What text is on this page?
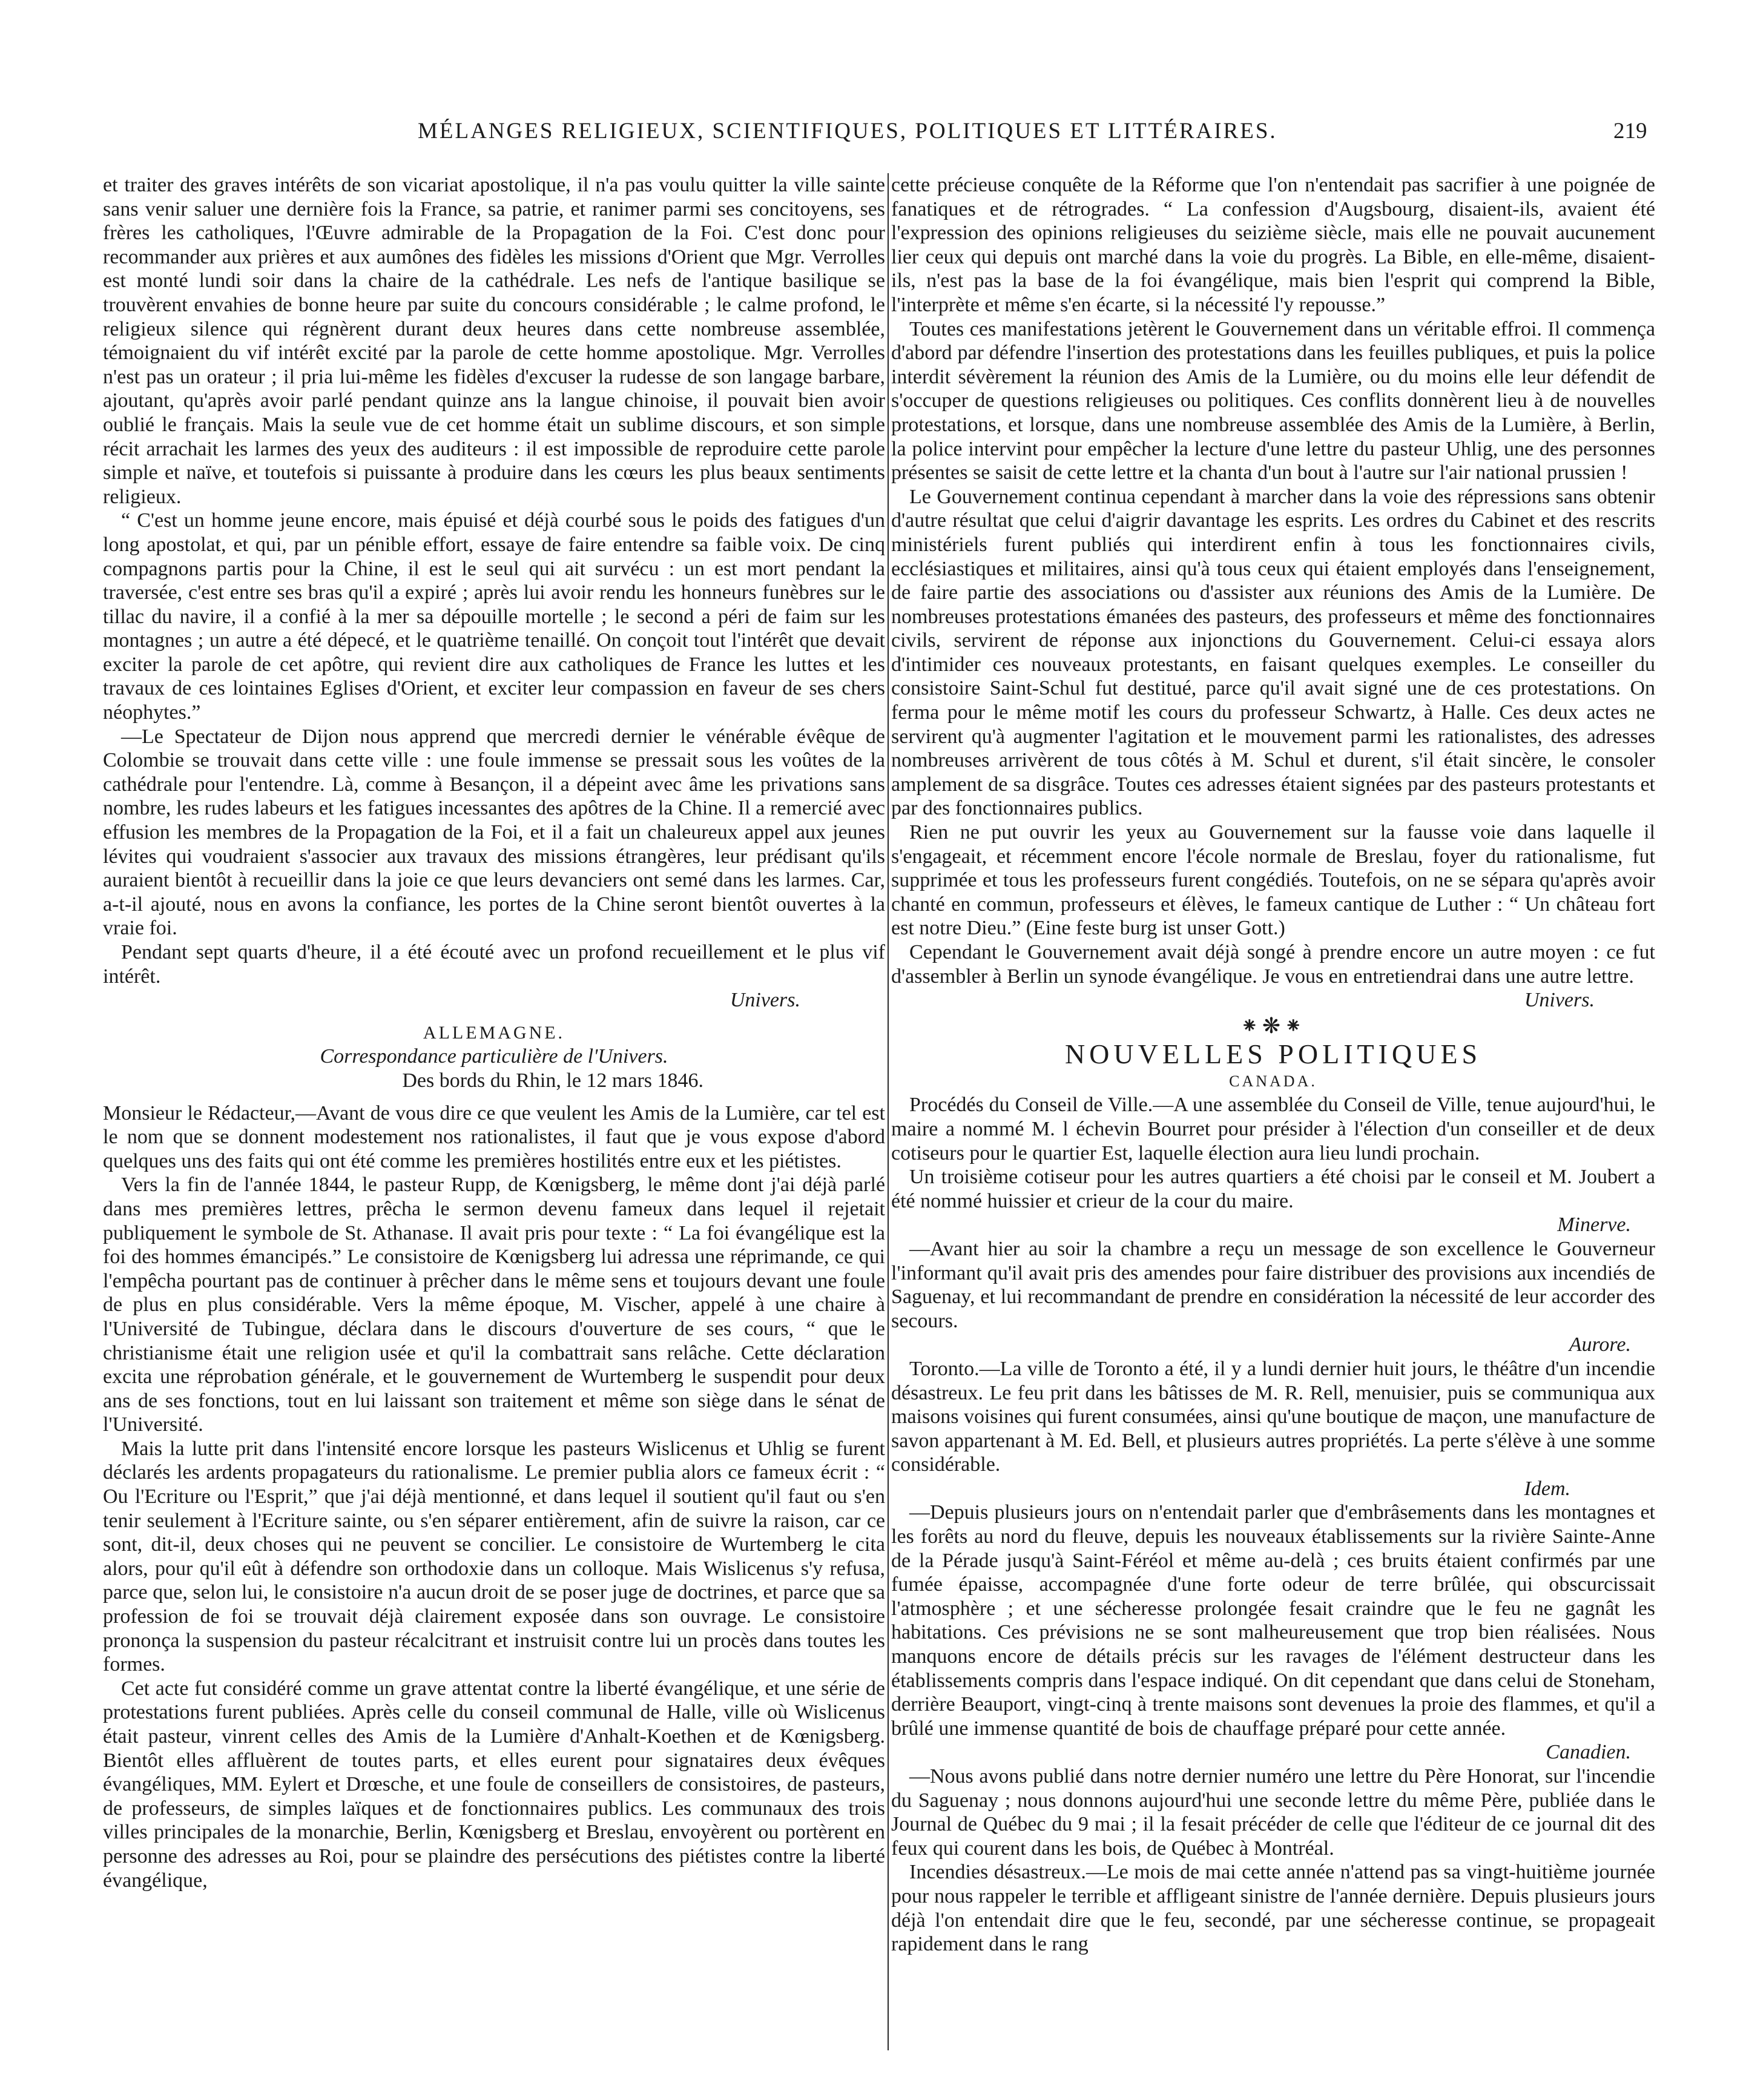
MÉLANGES RELIGIEUX, SCIENTIFIQUES, POLITIQUES ET LITTÉRAIRES.	219

et traiter des graves intérêts de son vicariat apostolique, il n'a pas voulu quitter la ville sainte sans venir saluer une dernière fois la France, sa patrie, et ranimer parmi ses concitoyens, ses frères les catholiques, l'Œuvre admirable de la Propagation de la Foi. C'est donc pour recommander aux prières et aux aumônes des fidèles les missions d'Orient que Mgr. Verrolles est monté lundi soir dans la chaire de la cathédrale. Les nefs de l'antique basilique se trouvèrent envahies de bonne heure par suite du concours considérable ; le calme profond, le religieux silence qui régnèrent durant deux heures dans cette nombreuse assemblée, témoignaient du vif intérêt excité par la parole de cette homme apostolique. Mgr. Verrolles n'est pas un orateur ; il pria lui-même les fidèles d'excuser la rudesse de son langage barbare, ajoutant, qu'après avoir parlé pendant quinze ans la langue chinoise, il pouvait bien avoir oublié le français. Mais la seule vue de cet homme était un sublime discours, et son simple récit arrachait les larmes des yeux des auditeurs : il est impossible de reproduire cette parole simple et naïve, et toutefois si puissante à produire dans les cœurs les plus beaux sentiments religieux.

“ C'est un homme jeune encore, mais épuisé et déjà courbé sous le poids des fatigues d'un long apostolat, et qui, par un pénible effort, essaye de faire entendre sa faible voix. De cinq compagnons partis pour la Chine, il est le seul qui ait survécu : un est mort pendant la traversée, c'est entre ses bras qu'il a expiré ; après lui avoir rendu les honneurs funèbres sur le tillac du navire, il a confié à la mer sa dépouille mortelle ; le second a péri de faim sur les montagnes ; un autre a été dépecé, et le quatrième tenaillé. On conçoit tout l'intérêt que devait exciter la parole de cet apôtre, qui revient dire aux catholiques de France les luttes et les travaux de ces lointaines Eglises d'Orient, et exciter leur compassion en faveur de ses chers néophytes.”

—Le Spectateur de Dijon nous apprend que mercredi dernier le vénérable évêque de Colombie se trouvait dans cette ville : une foule immense se pressait sous les voûtes de la cathédrale pour l'entendre. Là, comme à Besançon, il a dépeint avec âme les privations sans nombre, les rudes labeurs et les fatigues incessantes des apôtres de la Chine. Il a remercié avec effusion les membres de la Propagation de la Foi, et il a fait un chaleureux appel aux jeunes lévites qui voudraient s'associer aux travaux des missions étrangères, leur prédisant qu'ils auraient bientôt à recueillir dans la joie ce que leurs devanciers ont semé dans les larmes. Car, a-t-il ajouté, nous en avons la confiance, les portes de la Chine seront bientôt ouvertes à la vraie foi.

Pendant sept quarts d'heure, il a été écouté avec un profond recueillement et le plus vif intérêt.

Univers.

ALLEMAGNE.

Correspondance particulière de l'Univers.

Des bords du Rhin, le 12 mars 1846.

Monsieur le Rédacteur,—Avant de vous dire ce que veulent les Amis de la Lumière, car tel est le nom que se donnent modestement nos rationalistes, il faut que je vous expose d'abord quelques uns des faits qui ont été comme les premières hostilités entre eux et les piétistes.

Vers la fin de l'année 1844, le pasteur Rupp, de Kœnigsberg, le même dont j'ai déjà parlé dans mes premières lettres, prêcha le sermon devenu fameux dans lequel il rejetait publiquement le symbole de St. Athanase. Il avait pris pour texte : “ La foi évangélique est la foi des hommes émancipés.” Le consistoire de Kœnigsberg lui adressa une réprimande, ce qui l'empêcha pourtant pas de continuer à prêcher dans le même sens et toujours devant une foule de plus en plus considérable. Vers la même époque, M. Vischer, appelé à une chaire à l'Université de Tubingue, déclara dans le discours d'ouverture de ses cours, “ que le christianisme était une religion usée et qu'il la combattrait sans relâche. Cette déclaration excita une réprobation générale, et le gouvernement de Wurtemberg le suspendit pour deux ans de ses fonctions, tout en lui laissant son traitement et même son siège dans le sénat de l'Université.

Mais la lutte prit dans l'intensité encore lorsque les pasteurs Wislicenus et Uhlig se furent déclarés les ardents propagateurs du rationalisme. Le premier publia alors ce fameux écrit : “ Ou l'Ecriture ou l'Esprit,” que j'ai déjà mentionné, et dans lequel il soutient qu'il faut ou s'en tenir seulement à l'Ecriture sainte, ou s'en séparer entièrement, afin de suivre la raison, car ce sont, dit-il, deux choses qui ne peuvent se concilier. Le consistoire de Wurtemberg le cita alors, pour qu'il eût à défendre son orthodoxie dans un colloque. Mais Wislicenus s'y refusa, parce que, selon lui, le consistoire n'a aucun droit de se poser juge de doctrines, et parce que sa profession de foi se trouvait déjà clairement exposée dans son ouvrage. Le consistoire prononça la suspension du pasteur récalcitrant et instruisit contre lui un procès dans toutes les formes.

Cet acte fut considéré comme un grave attentat contre la liberté évangélique, et une série de protestations furent publiées. Après celle du conseil communal de Halle, ville où Wislicenus était pasteur, vinrent celles des Amis de la Lumière d'Anhalt-Koethen et de Kœnigsberg. Bientôt elles affluèrent de toutes parts, et elles eurent pour signataires deux évêques évangéliques, MM. Eylert et Drœsche, et une foule de conseillers de consistoires, de pasteurs, de professeurs, de simples laïques et de fonctionnaires publics. Les communaux des trois villes principales de la monarchie, Berlin, Kœnigsberg et Breslau, envoyèrent ou portèrent en personne des adresses au Roi, pour se plaindre des persécutions des piétistes contre la liberté évangélique,

cette précieuse conquête de la Réforme que l'on n'entendait pas sacrifier à une poignée de fanatiques et de rétrogrades. “ La confession d'Augsbourg, disaient-ils, avaient été l'expression des opinions religieuses du seizième siècle, mais elle ne pouvait aucunement lier ceux qui depuis ont marché dans la voie du progrès. La Bible, en elle-même, disaient-ils, n'est pas la base de la foi évangélique, mais bien l'esprit qui comprend la Bible, l'interprète et même s'en écarte, si la nécessité l'y repousse.”

Toutes ces manifestations jetèrent le Gouvernement dans un véritable effroi. Il commença d'abord par défendre l'insertion des protestations dans les feuilles publiques, et puis la police interdit sévèrement la réunion des Amis de la Lumière, ou du moins elle leur défendit de s'occuper de questions religieuses ou politiques. Ces conflits donnèrent lieu à de nouvelles protestations, et lorsque, dans une nombreuse assemblée des Amis de la Lumière, à Berlin, la police intervint pour empêcher la lecture d'une lettre du pasteur Uhlig, une des personnes présentes se saisit de cette lettre et la chanta d'un bout à l'autre sur l'air national prussien !

Le Gouvernement continua cependant à marcher dans la voie des répressions sans obtenir d'autre résultat que celui d'aigrir davantage les esprits. Les ordres du Cabinet et des rescrits ministériels furent publiés qui interdirent enfin à tous les fonctionnaires civils, ecclésiastiques et militaires, ainsi qu'à tous ceux qui étaient employés dans l'enseignement, de faire partie des associations ou d'assister aux réunions des Amis de la Lumière. De nombreuses protestations émanées des pasteurs, des professeurs et même des fonctionnaires civils, servirent de réponse aux injonctions du Gouvernement. Celui-ci essaya alors d'intimider ces nouveaux protestants, en faisant quelques exemples. Le conseiller du consistoire Saint-Schul fut destitué, parce qu'il avait signé une de ces protestations. On ferma pour le même motif les cours du professeur Schwartz, à Halle. Ces deux actes ne servirent qu'à augmenter l'agitation et le mouvement parmi les rationalistes, des adresses nombreuses arrivèrent de tous côtés à M. Schul et durent, s'il était sincère, le consoler amplement de sa disgrâce. Toutes ces adresses étaient signées par des pasteurs protestants et par des fonctionnaires publics.

Rien ne put ouvrir les yeux au Gouvernement sur la fausse voie dans laquelle il s'engageait, et récemment encore l'école normale de Breslau, foyer du rationalisme, fut supprimée et tous les professeurs furent congédiés. Toutefois, on ne se sépara qu'après avoir chanté en commun, professeurs et élèves, le fameux cantique de Luther : “ Un château fort est notre Dieu.” (Eine feste burg ist unser Gott.)

Cependant le Gouvernement avait déjà songé à prendre encore un autre moyen : ce fut d'assembler à Berlin un synode évangélique. Je vous en entretiendrai dans une autre lettre.

Univers.

⁕❋⁕

NOUVELLES POLITIQUES

CANADA.

Procédés du Conseil de Ville.—A une assemblée du Conseil de Ville, tenue aujourd'hui, le maire a nommé M. l échevin Bourret pour présider à l'élection d'un conseiller et de deux cotiseurs pour le quartier Est, laquelle élection aura lieu lundi prochain.

Un troisième cotiseur pour les autres quartiers a été choisi par le conseil et M. Joubert a été nommé huissier et crieur de la cour du maire.

Minerve.

—Avant hier au soir la chambre a reçu un message de son excellence le Gouverneur l'informant qu'il avait pris des amendes pour faire distribuer des provisions aux incendiés de Saguenay, et lui recommandant de prendre en considération la nécessité de leur accorder des secours.

Aurore.

Toronto.—La ville de Toronto a été, il y a lundi dernier huit jours, le théâtre d'un incendie désastreux. Le feu prit dans les bâtisses de M. R. Rell, menuisier, puis se communiqua aux maisons voisines qui furent consumées, ainsi qu'une boutique de maçon, une manufacture de savon appartenant à M. Ed. Bell, et plusieurs autres propriétés. La perte s'élève à une somme considérable.

Idem.

—Depuis plusieurs jours on n'entendait parler que d'embrâsements dans les montagnes et les forêts au nord du fleuve, depuis les nouveaux établissements sur la rivière Sainte-Anne de la Pérade jusqu'à Saint-Féréol et même au-delà ; ces bruits étaient confirmés par une fumée épaisse, accompagnée d'une forte odeur de terre brûlée, qui obscurcissait l'atmosphère ; et une sécheresse prolongée fesait craindre que le feu ne gagnât les habitations. Ces prévisions ne se sont malheureusement que trop bien réalisées. Nous manquons encore de détails précis sur les ravages de l'élément destructeur dans les établissements compris dans l'espace indiqué. On dit cependant que dans celui de Stoneham, derrière Beauport, vingt-cinq à trente maisons sont devenues la proie des flammes, et qu'il a brûlé une immense quantité de bois de chauffage préparé pour cette année.

Canadien.

—Nous avons publié dans notre dernier numéro une lettre du Père Honorat, sur l'incendie du Saguenay ; nous donnons aujourd'hui une seconde lettre du même Père, publiée dans le Journal de Québec du 9 mai ; il la fesait précéder de celle que l'éditeur de ce journal dit des feux qui courent dans les bois, de Québec à Montréal.

Incendies désastreux.—Le mois de mai cette année n'attend pas sa vingt-huitième journée pour nous rappeler le terrible et affligeant sinistre de l'année dernière. Depuis plusieurs jours déjà l'on entendait dire que le feu, secondé, par une sécheresse continue, se propageait rapidement dans le rang
